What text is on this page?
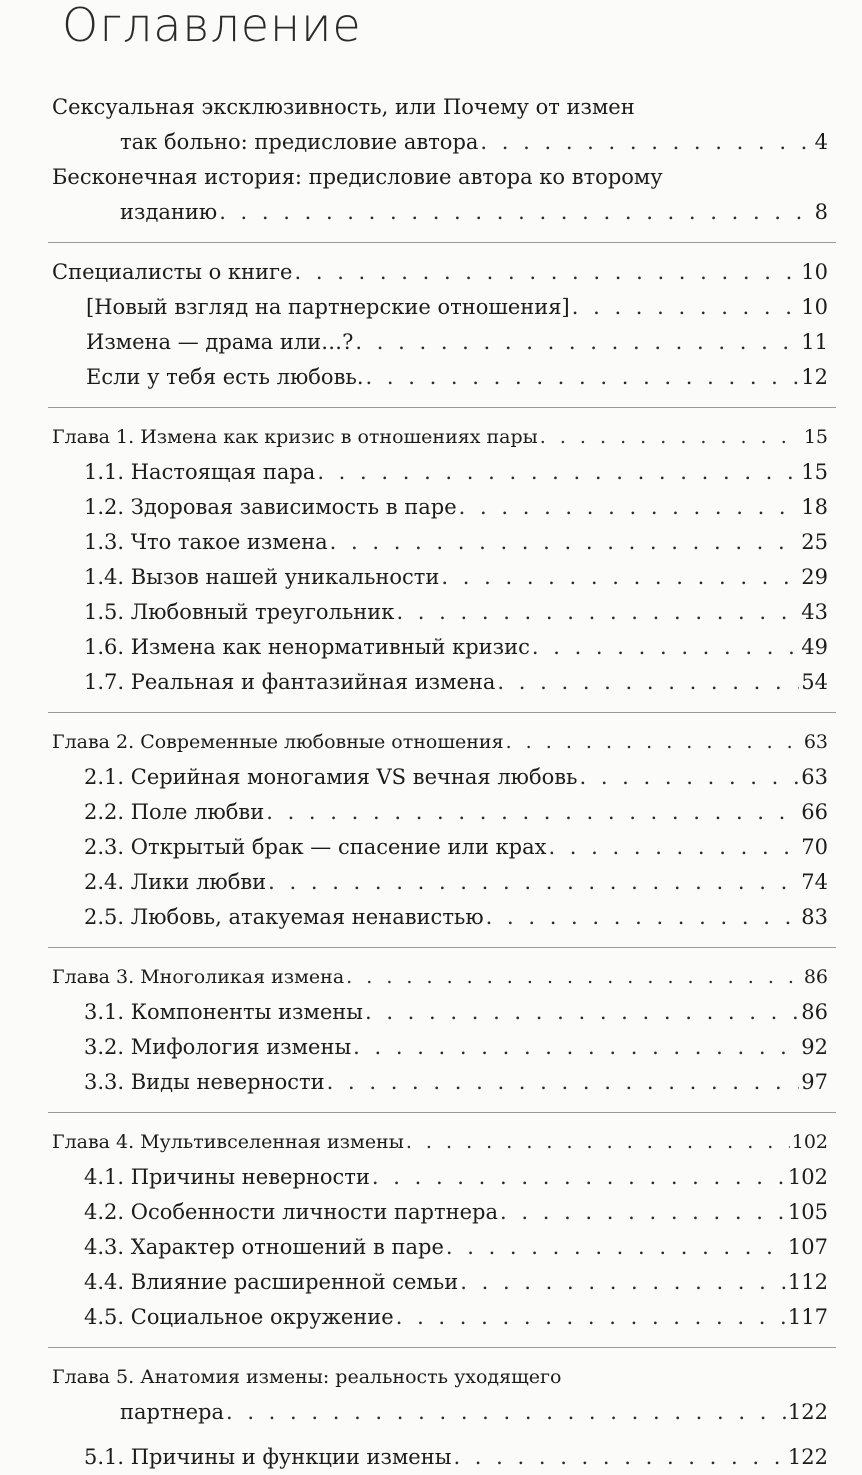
Оглавление
Сексуальная эксклюзивность, или Почему от измен
так больно: предисловие автора . . .	4
Бесконечная история: предисловие автора ко второму
изданию . . .	8
Специалисты о книге . . .	10
[Новый взгляд на партнерские отношения] . . .	10
Измена — драма или…? . . .	11
Если у тебя есть любовь. . . .	12
Глава 1. Измена как кризис в отношениях пары . . .	15
1.1. Настоящая пара . . .	15
1.2. Здоровая зависимость в паре . . .	18
1.3. Что такое измена . . .	25
1.4. Вызов нашей уникальности . . .	29
1.5. Любовный треугольник . . .	43
1.6. Измена как ненормативный кризис . . .	49
1.7. Реальная и фантазийная измена . . .	54
Глава 2. Современные любовные отношения . . .	63
2.1. Серийная моногамия VS вечная любовь . . .	63
2.2. Поле любви . . .	66
2.3. Открытый брак — спасение или крах . . .	70
2.4. Лики любви . . .	74
2.5. Любовь, атакуемая ненавистью . . .	83
Глава 3. Многоликая измена . . .	86
3.1. Компоненты измены . . .	86
3.2. Мифология измены . . .	92
3.3. Виды неверности . . .	97
Глава 4. Мультивселенная измены . . .	102
4.1. Причины неверности . . .	102
4.2. Особенности личности партнера . . .	105
4.3. Характер отношений в паре . . .	107
4.4. Влияние расширенной семьи . . .	112
4.5. Социальное окружение . . .	117
Глава 5. Анатомия измены: реальность уходящего
партнера . . .	122
5.1. Причины и функции измены . . .	122
